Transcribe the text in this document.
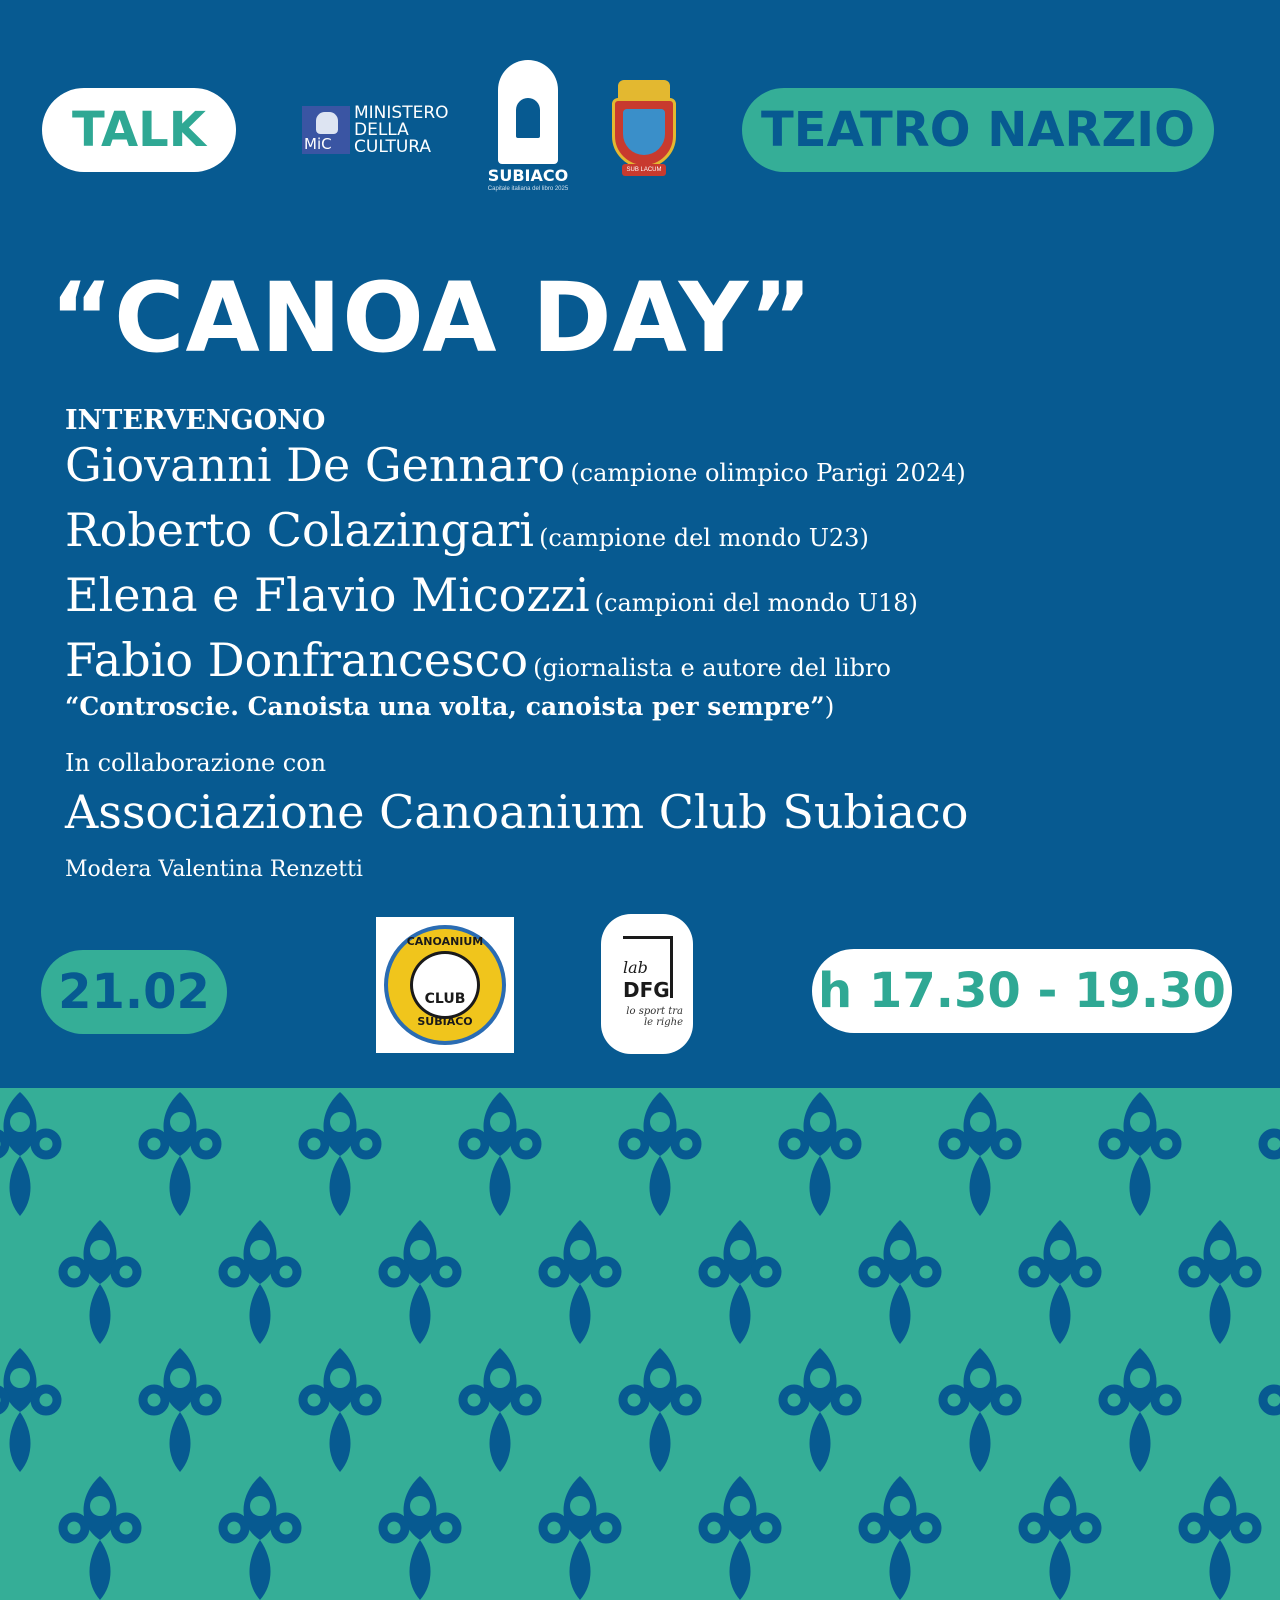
TALK	MiC
MINISTERO
DELLA
CULTURA
SUBIACO
Capitale italiana del libro 2025
SUB LACUM
TEATRO NARZIO
“CANOA DAY”
INTERVENGONO
Giovanni De Gennaro (campione olimpico Parigi 2024)
Roberto Colazingari (campione del mondo U23)
Elena e Flavio Micozzi (campioni del mondo U18)
Fabio Donfrancesco (giornalista e autore del libro
“Controscie. Canoista una volta, canoista per sempre”)
In collaborazione con
Associazione Canoanium Club Subiaco
Modera Valentina Renzetti
21.02
CANOANIUM
CLUB
SUBIACO
lab
DFG
lo sport tra le righe
h 17.30 - 19.30
